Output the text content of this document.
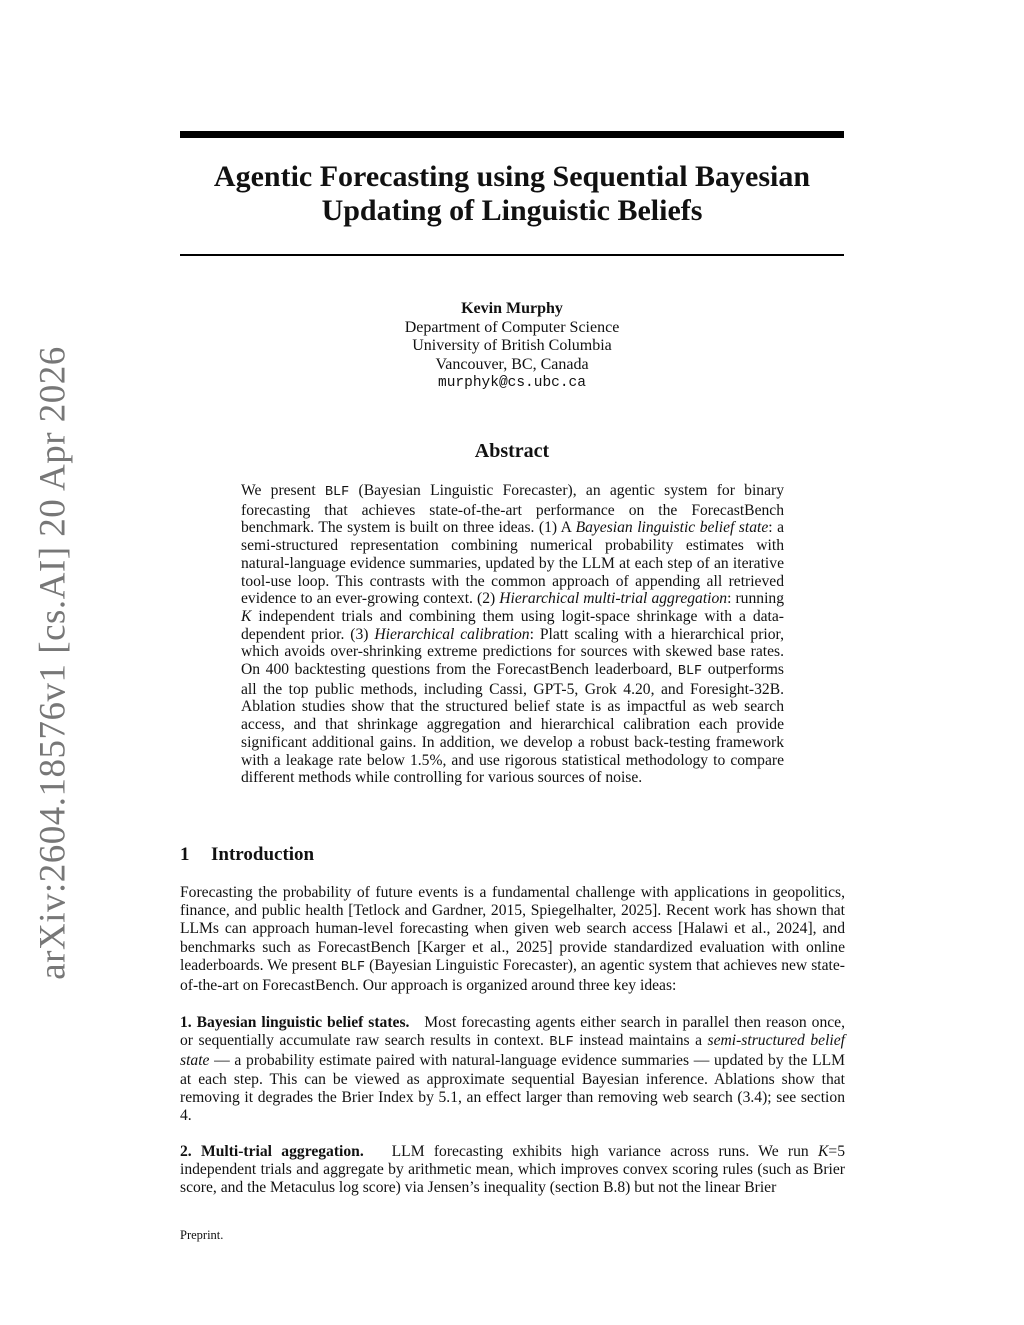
arXiv:2604.18576v1 [cs.AI] 20 Apr 2026
Agentic Forecasting using Sequential Bayesian Updating of Linguistic Beliefs
Kevin Murphy
Department of Computer Science
University of British Columbia
Vancouver, BC, Canada
murphyk@cs.ubc.ca
Abstract

We present BLF (Bayesian Linguistic Forecaster), an agentic system for binary forecasting that achieves state-of-the-art performance on the ForecastBench benchmark. The system is built on three ideas. (1) A Bayesian linguistic belief state: a semi-structured representation combining numerical probability estimates with natural-language evidence summaries, updated by the LLM at each step of an iterative tool-use loop. This contrasts with the common approach of appending all retrieved evidence to an ever-growing context. (2) Hierarchical multi-trial aggregation: running K independent trials and combining them using logit-space shrinkage with a data-dependent prior. (3) Hierarchical calibration: Platt scaling with a hierarchical prior, which avoids over-shrinking extreme predictions for sources with skewed base rates. On 400 backtesting questions from the ForecastBench leaderboard, BLF outperforms all the top public methods, including Cassi, GPT-5, Grok 4.20, and Foresight-32B. Ablation studies show that the structured belief state is as impactful as web search access, and that shrinkage aggregation and hierarchical calibration each provide significant additional gains. In addition, we develop a robust back-testing framework with a leakage rate below 1.5%, and use rigorous statistical methodology to compare different methods while controlling for various sources of noise.

1 Introduction

Forecasting the probability of future events is a fundamental challenge with applications in geopolitics, finance, and public health [Tetlock and Gardner, 2015, Spiegelhalter, 2025]. Recent work has shown that LLMs can approach human-level forecasting when given web search access [Halawi et al., 2024], and benchmarks such as ForecastBench [Karger et al., 2025] provide standardized evaluation with online leaderboards. We present BLF (Bayesian Linguistic Forecaster), an agentic system that achieves new state-of-the-art on ForecastBench. Our approach is organized around three key ideas:

1. Bayesian linguistic belief states. Most forecasting agents either search in parallel then reason once, or sequentially accumulate raw search results in context. BLF instead maintains a semi-structured belief state — a probability estimate paired with natural-language evidence summaries — updated by the LLM at each step. This can be viewed as approximate sequential Bayesian inference. Ablations show that removing it degrades the Brier Index by 5.1, an effect larger than removing web search (3.4); see section 4.

2. Multi-trial aggregation. LLM forecasting exhibits high variance across runs. We run K=5 independent trials and aggregate by arithmetic mean, which improves convex scoring rules (such as Brier score, and the Metaculus log score) via Jensen’s inequality (section B.8) but not the linear Brier

Preprint.
